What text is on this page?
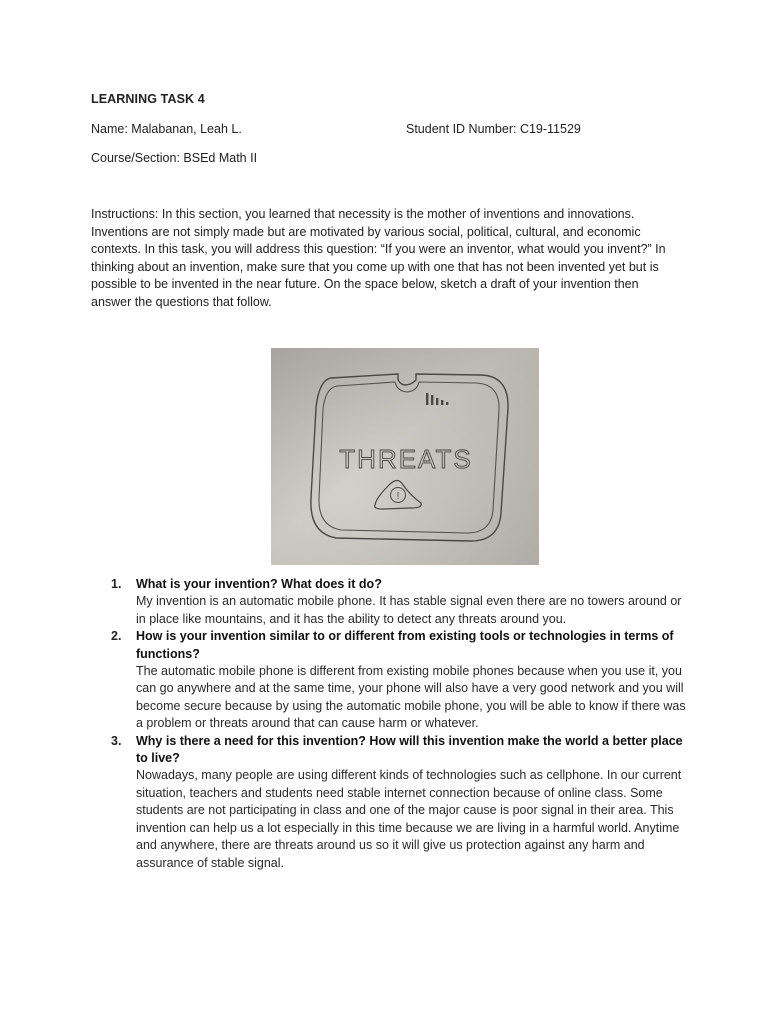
LEARNING TASK 4
Name: Malabanan, Leah L.	Student ID Number: C19-11529
Course/Section: BSEd Math II
Instructions: In this section, you learned that necessity is the mother of inventions and innovations. Inventions are not simply made but are motivated by various social, political, cultural, and economic contexts. In this task, you will address this question: “If you were an inventor, what would you invent?” In thinking about an invention, make sure that you come up with one that has not been invented yet but is possible to be invented in the near future. On the space below, sketch a draft of your invention then answer the questions that follow.
THREATS
!
1. What is your invention? What does it do?
My invention is an automatic mobile phone. It has stable signal even there are no towers around or in place like mountains, and it has the ability to detect any threats around you.
2. How is your invention similar to or different from existing tools or technologies in terms of functions?
The automatic mobile phone is different from existing mobile phones because when you use it, you can go anywhere and at the same time, your phone will also have a very good network and you will become secure because by using the automatic mobile phone, you will be able to know if there was a problem or threats around that can cause harm or whatever.
3. Why is there a need for this invention? How will this invention make the world a better place to live?
Nowadays, many people are using different kinds of technologies such as cellphone. In our current situation, teachers and students need stable internet connection because of online class. Some students are not participating in class and one of the major cause is poor signal in their area. This invention can help us a lot especially in this time because we are living in a harmful world. Anytime and anywhere, there are threats around us so it will give us protection against any harm and assurance of stable signal.
